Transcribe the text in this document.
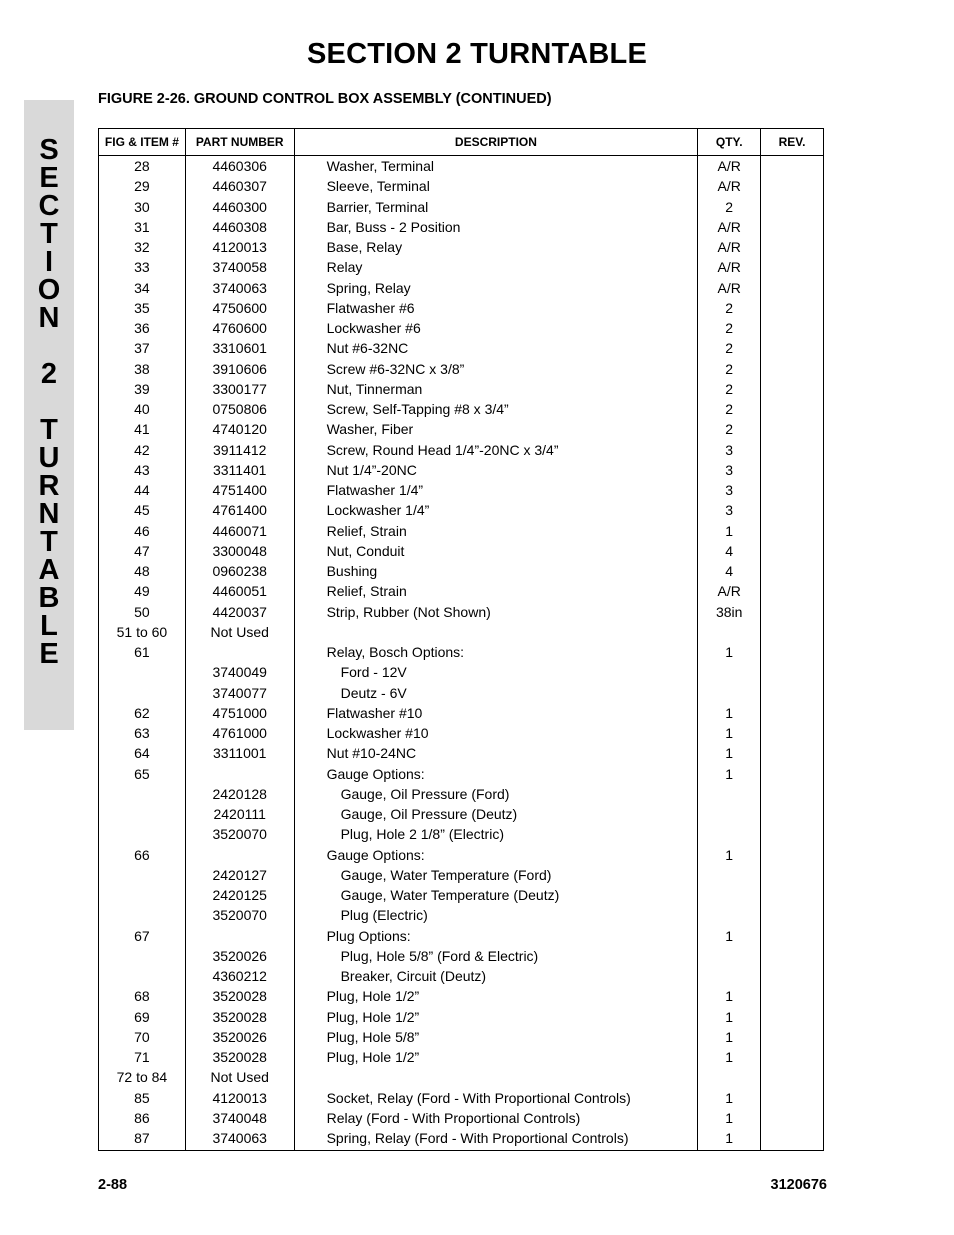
SECTION 2 TURNTABLE
S
E
C
T
I
O
N
2
T
U
R
N
T
A
B
L
E
FIGURE 2-26. GROUND CONTROL BOX ASSEMBLY (CONTINUED)
FIG & ITEM #	PART NUMBER	DESCRIPTION	QTY.	REV.
28	4460306	Washer, Terminal	A/R	
29	4460307	Sleeve, Terminal	A/R	
30	4460300	Barrier, Terminal	2	
31	4460308	Bar, Buss - 2 Position	A/R	
32	4120013	Base, Relay	A/R	
33	3740058	Relay	A/R	
34	3740063	Spring, Relay	A/R	
35	4750600	Flatwasher #6	2	
36	4760600	Lockwasher #6	2	
37	3310601	Nut #6-32NC	2	
38	3910606	Screw #6-32NC x 3/8”	2	
39	3300177	Nut, Tinnerman	2	
40	0750806	Screw, Self-Tapping #8 x 3/4”	2	
41	4740120	Washer, Fiber	2	
42	3911412	Screw, Round Head 1/4”-20NC x 3/4”	3	
43	3311401	Nut 1/4”-20NC	3	
44	4751400	Flatwasher 1/4”	3	
45	4761400	Lockwasher 1/4”	3	
46	4460071	Relief, Strain	1	
47	3300048	Nut, Conduit	4	
48	0960238	Bushing	4	
49	4460051	Relief, Strain	A/R	
50	4420037	Strip, Rubber (Not Shown)	38in	
51 to 60	Not Used			
61		Relay, Bosch Options:	1	
	3740049	Ford - 12V		
	3740077	Deutz - 6V		
62	4751000	Flatwasher #10	1	
63	4761000	Lockwasher #10	1	
64	3311001	Nut #10-24NC	1	
65		Gauge Options:	1	
	2420128	Gauge, Oil Pressure (Ford)		
	2420111	Gauge, Oil Pressure (Deutz)		
	3520070	Plug, Hole 2 1/8” (Electric)		
66		Gauge Options:	1	
	2420127	Gauge, Water Temperature (Ford)		
	2420125	Gauge, Water Temperature (Deutz)		
	3520070	Plug (Electric)		
67		Plug Options:	1	
	3520026	Plug, Hole 5/8” (Ford & Electric)		
	4360212	Breaker, Circuit (Deutz)		
68	3520028	Plug, Hole 1/2”	1	
69	3520028	Plug, Hole 1/2”	1	
70	3520026	Plug, Hole 5/8”	1	
71	3520028	Plug, Hole 1/2”	1	
72 to 84	Not Used			
85	4120013	Socket, Relay (Ford - With Proportional Controls)	1	
86	3740048	Relay (Ford - With Proportional Controls)	1	
87	3740063	Spring, Relay (Ford - With Proportional Controls)	1	
2-88	3120676
